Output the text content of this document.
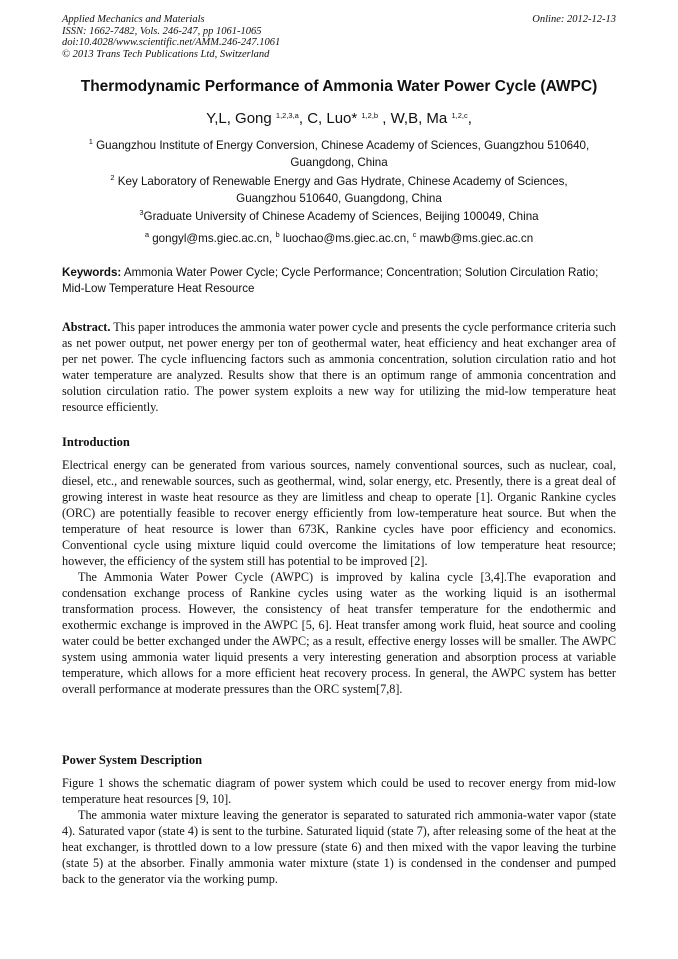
Applied Mechanics and Materials
ISSN: 1662-7482, Vols. 246-247, pp 1061-1065
doi:10.4028/www.scientific.net/AMM.246-247.1061
© 2013 Trans Tech Publications Ltd, Switzerland
Online: 2012-12-13
Thermodynamic Performance of Ammonia Water Power Cycle (AWPC)
Y,L, Gong $^{1,2,3,a}$, C, Luo* $^{1,2,b}$ , W,B, Ma $^{1,2,c}$,
$^1$ Guangzhou Institute of Energy Conversion, Chinese Academy of Sciences, Guangzhou 510640,
Guangdong, China
$^2$ Key Laboratory of Renewable Energy and Gas Hydrate, Chinese Academy of Sciences,
Guangzhou 510640, Guangdong, China
$^3$Graduate University of Chinese Academy of Sciences, Beijing 100049, China
$^a$ gongyl@ms.giec.ac.cn, $^b$ luochao@ms.giec.ac.cn, $^c$ mawb@ms.giec.ac.cn
Keywords: Ammonia Water Power Cycle; Cycle Performance; Concentration; Solution Circulation Ratio; Mid-Low Temperature Heat Resource

Abstract. This paper introduces the ammonia water power cycle and presents the cycle performance criteria such as net power output, net power energy per ton of geothermal water, heat efficiency and heat exchanger area of per net power. The cycle influencing factors such as ammonia concentration, solution circulation ratio and hot water temperature are analyzed. Results show that there is an optimum range of ammonia concentration and solution circulation ratio. The power system exploits a new way for utilizing the mid-low temperature heat resource efficiently.

Introduction

Electrical energy can be generated from various sources, namely conventional sources, such as nuclear, coal, diesel, etc., and renewable sources, such as geothermal, wind, solar energy, etc. Presently, there is a great deal of growing interest in waste heat resource as they are limitless and cheap to operate [1]. Organic Rankine cycles (ORC) are potentially feasible to recover energy efficiently from low-temperature heat source. But when the temperature of heat resource is lower than 673K, Rankine cycles have poor efficiency and economics. Conventional cycle using mixture liquid could overcome the limitations of low temperature heat resource; however, the efficiency of the system still has potential to be improved [2].

The Ammonia Water Power Cycle (AWPC) is improved by kalina cycle [3,4].The evaporation and condensation exchange process of Rankine cycles using water as the working liquid is an isothermal transformation process. However, the consistency of heat transfer temperature for the endothermic and exothermic exchange is improved in the AWPC [5, 6]. Heat transfer among work fluid, heat source and cooling water could be better exchanged under the AWPC; as a result, effective energy losses will be smaller. The AWPC system using ammonia water liquid presents a very interesting generation and absorption process at variable temperature, which allows for a more efficient heat recovery process. In general, the AWPC system has better overall performance at moderate pressures than the ORC system[7,8].

Power System Description

Figure 1 shows the schematic diagram of power system which could be used to recover energy from mid-low temperature heat resources [9, 10].

The ammonia water mixture leaving the generator is separated to saturated rich ammonia-water vapor (state 4). Saturated vapor (state 4) is sent to the turbine. Saturated liquid (state 7), after releasing some of the heat at the heat exchanger, is throttled down to a low pressure (state 6) and then mixed with the vapor leaving the turbine (state 5) at the absorber. Finally ammonia water mixture (state 1) is condensed in the condenser and pumped back to the generator via the working pump.
